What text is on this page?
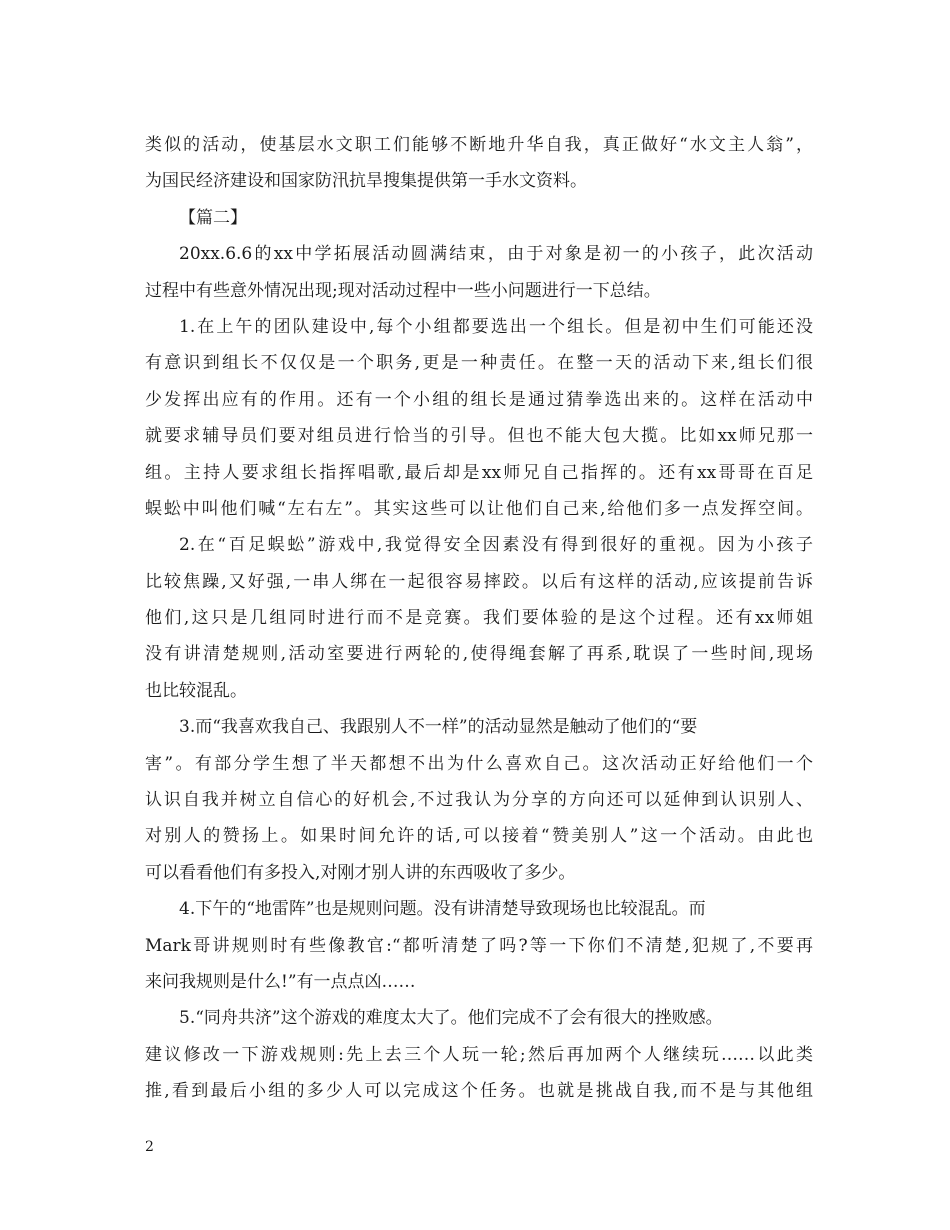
类似的活动，使基层水文职工们能够不断地升华自我，真正做好“水文主人翁”，
为国民经济建设和国家防汛抗旱搜集提供第一手水文资料。
【篇二】
20xx.6.6的xx中学拓展活动圆满结束，由于对象是初一的小孩子，此次活动
过程中有些意外情况出现;现对活动过程中一些小问题进行一下总结。
1.在上午的团队建设中,每个小组都要选出一个组长。但是初中生们可能还没
有意识到组长不仅仅是一个职务,更是一种责任。在整一天的活动下来,组长们很
少发挥出应有的作用。还有一个小组的组长是通过猜拳选出来的。这样在活动中
就要求辅导员们要对组员进行恰当的引导。但也不能大包大揽。比如xx师兄那一
组。主持人要求组长指挥唱歌,最后却是xx师兄自己指挥的。还有xx哥哥在百足
蜈蚣中叫他们喊“左右左”。其实这些可以让他们自己来,给他们多一点发挥空间。
2.在“百足蜈蚣”游戏中,我觉得安全因素没有得到很好的重视。因为小孩子
比较焦躁,又好强,一串人绑在一起很容易摔跤。以后有这样的活动,应该提前告诉
他们,这只是几组同时进行而不是竞赛。我们要体验的是这个过程。还有xx师姐
没有讲清楚规则,活动室要进行两轮的,使得绳套解了再系,耽误了一些时间,现场
也比较混乱。
3.而“我喜欢我自己、我跟别人不一样”的活动显然是触动了他们的“要
害”。有部分学生想了半天都想不出为什么喜欢自己。这次活动正好给他们一个
认识自我并树立自信心的好机会,不过我认为分享的方向还可以延伸到认识别人、
对别人的赞扬上。如果时间允许的话,可以接着“赞美别人”这一个活动。由此也
可以看看他们有多投入,对刚才别人讲的东西吸收了多少。
4.下午的“地雷阵”也是规则问题。没有讲清楚导致现场也比较混乱。而
Mark哥讲规则时有些像教官:“都听清楚了吗?等一下你们不清楚,犯规了,不要再
来问我规则是什么!”有一点点凶……
5.“同舟共济”这个游戏的难度太大了。他们完成不了会有很大的挫败感。
建议修改一下游戏规则:先上去三个人玩一轮;然后再加两个人继续玩……以此类
推,看到最后小组的多少人可以完成这个任务。也就是挑战自我,而不是与其他组
2
